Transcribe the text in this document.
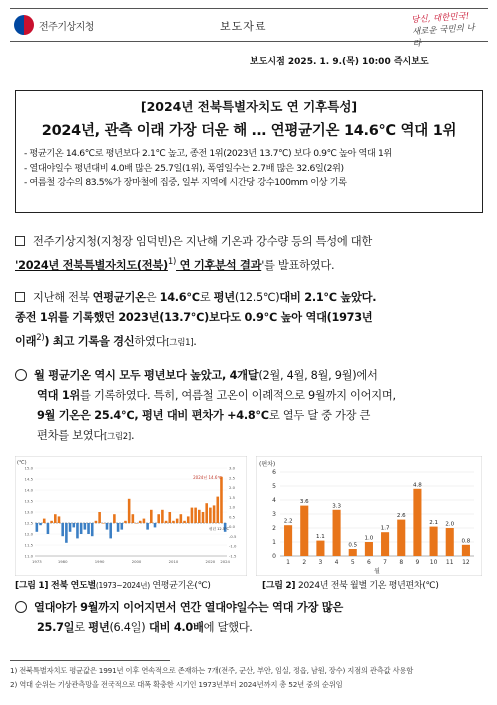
전주기상지청	보도자료
당신, 대한민국!
새로운 국민의 나라
보도시점 2025. 1. 9.(목) 10:00 즉시보도
[2024년 전북특별자치도 연 기후특성]
2024년, 관측 이래 가장 더운 해 … 연평균기온 14.6℃ 역대 1위
- 평균기온 14.6℃로 평년보다 2.1℃ 높고, 종전 1위(2023년 13.7℃) 보다 0.9℃ 높아 역대 1위
- 열대야일수 평년대비 4.0배 많은 25.7일(1위), 폭염일수는 2.7배 많은 32.6일(2위)
- 여름철 강수의 83.5%가 장마철에 집중, 일부 지역에 시간당 강수100mm 이상 기록
전주기상지청(지청장 임덕빈)은 지난해 기온과 강수량 등의 특성에 대한
'2024년 전북특별자치도(전북)$^{1)}$ 연 기후분석 결과'를 발표하였다.
지난해 전북 연평균기온은 14.6℃로 평년(12.5℃)대비 2.1℃ 높았다.
종전 1위를 기록했던 2023년(13.7℃)보다도 0.9℃ 높아 역대(1973년
이래$^{2)}$) 최고 기록을 경신하였다[그림1].
월 평균기온 역시 모두 평년보다 높았고, 4개달(2월, 4월, 8월, 9월)에서
역대 1위를 기록하였다. 특히, 여름철 고온이 이례적으로 9월까지 이어지며,
9월 기온은 25.4℃, 평년 대비 편차가 +4.8℃로 열두 달 중 가장 큰
편차를 보였다[그림2].
11.0
11.5
12.0
12.5
13.0
13.5
14.0
14.5
15.0
-1.5
-1.0
-0.5
0.0
0.5
1.0
1.5
2.0
2.5
3.0
(℃)
1973	1980	1990	2000	2010	2020 2024
2024년 14.6℃
평년 12.5℃
(편차)
0
1
2
3
4
5
6
2.2
1
3.6
2
1.1
3
3.3
4
0.5
5
1.0
6
1.7
7
2.6
8
4.8
9
2.1
10
2.0
11
0.8
12
월
[그림 1] 전북 연도별(1973~2024년) 연평균기온(℃)	[그림 2] 2024년 전북 월별 기온 평년편차(℃)
열대야가 9월까지 이어지면서 연간 열대야일수는 역대 가장 많은
25.7일로 평년(6.4일) 대비 4.0배에 달했다.
1) 전북특별자치도 평균값은 1991년 이후 연속적으로 존재하는 7개(전주, 군산, 부안, 임실, 정읍, 남원, 장수) 지점의 관측값 사용함
2) 역대 순위는 기상관측망을 전국적으로 대폭 확충한 시기인 1973년부터 2024년까지 총 52년 중의 순위임
